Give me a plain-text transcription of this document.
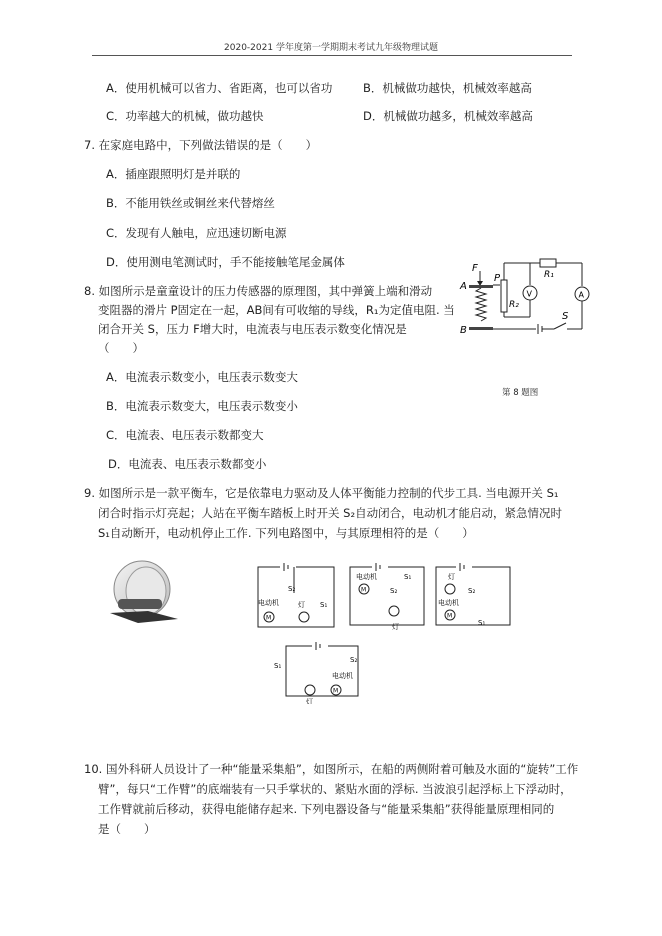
2020-2021 学年度第一学期期末考试九年级物理试题
A．使用机械可以省力、省距离，也可以省功	B．机械做功越快，机械效率越高
C．功率越大的机械，做功越快	D．机械做功越多，机械效率越高
7. 在家庭电路中，下列做法错误的是（　　）
A．插座跟照明灯是并联的
B．不能用铁丝或铜丝来代替熔丝
C．发现有人触电，应迅速切断电源
D．使用测电笔测试时，手不能接触笔尾金属体
8. 如图所示是童童设计的压力传感器的原理图，其中弹簧上端和滑动
变阻器的滑片 P固定在一起，AB间有可收缩的导线，R₁为定值电阻. 当
闭合开关 S，压力 F增大时，电流表与电压表示数变化情况是
（　　）
A．电流表示数变小，电压表示数变大
B．电流表示数变大，电压表示数变小
C．电流表、电压表示数都变大
D．电流表、电压表示数都变小
F
P
A
B
R₂
R₁
V	A
S
第 8 题图
9. 如图所示是一款平衡车，它是依靠电力驱动及人体平衡能力控制的代步工具. 当电源开关 S₁
闭合时指示灯亮起；人站在平衡车踏板上时开关 S₂自动闭合，电动机才能启动，紧急情况时
S₁自动断开，电动机停止工作. 下列电路图中，与其原理相符的是（　　）
S₂
电动机
M
灯 S₁
电动机
M
S₁
S₂
灯
灯
S₂
电动机
M
S₁
S₁
S₂
电动机
M
灯
10. 国外科研人员设计了一种“能量采集船”，如图所示，在船的两侧附着可触及水面的“旋转”工作
臂”，每只“工作臂”的底端装有一只手掌状的、紧贴水面的浮标. 当波浪引起浮标上下浮动时，
工作臂就前后移动，获得电能储存起来. 下列电器设备与“能量采集船”获得能量原理相同的
是（　　）
